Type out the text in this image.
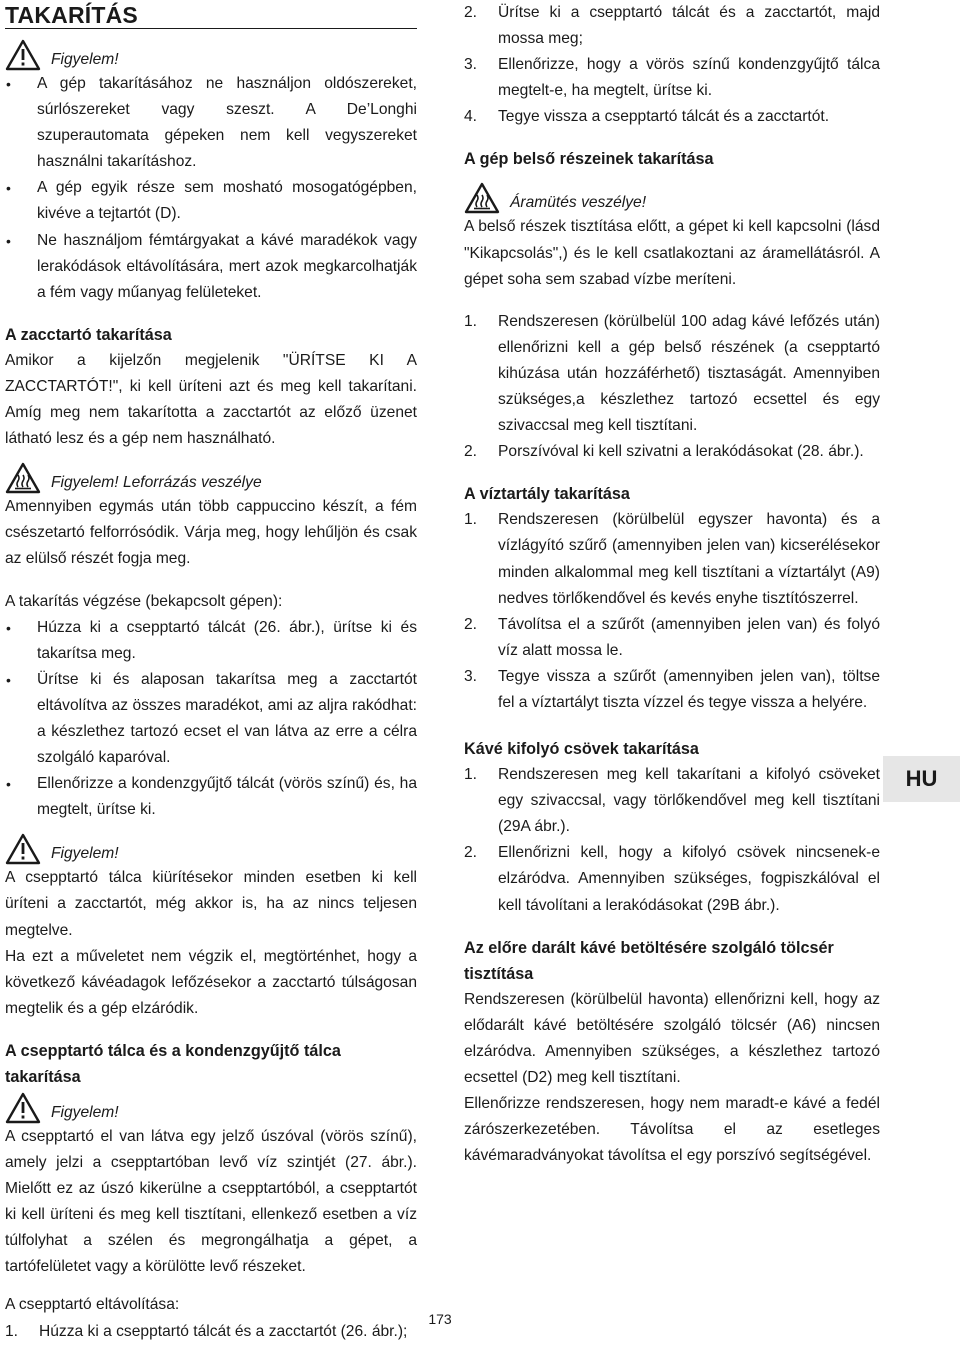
TAKARÍTÁS
Figyelem!
• A gép takarításához ne használjon oldószereket, súrlószereket vagy szeszt. A De’Longhi szuperautomata gépeken nem kell vegyszereket használni takarításhoz.
• A gép egyik része sem mosható mosogatógépben, kivéve a tejtartót (D).
• Ne használjom fémtárgyakat a kávé maradékok vagy lerakódások eltávolítására, mert azok megkarcolhatják a fém vagy műanyag felületeket.
A zacctartó takarítása

Amikor a kijelzőn megjelenik "ÜRÍTSE KI A ZACCTARTÓT!", ki kell üríteni azt és meg kell takarítani. Amíg meg nem takarította a zacctartót az előző üzenet látható lesz és a gép nem használható.

Figyelem! Leforrázás veszélye

Amennyiben egymás után több cappuccino készít, a fém csészetartó felforrósódik. Várja meg, hogy lehűljön és csak az elülső részét fogja meg.

A takarítás végzése (bekapcsolt gépen):

• Húzza ki a csepptartó tálcát (26. ábr.), ürítse ki és takarítsa meg.
• Ürítse ki és alaposan takarítsa meg a zacctartót eltávolítva az összes maradékot, ami az aljra rakódhat: a készlethez tartozó ecset el van látva az erre a célra szolgáló kaparóval.
• Ellenőrizze a kondenzgyűjtő tálcát (vörös színű) és, ha megtelt, ürítse ki.
Figyelem!

A csepptartó tálca kiürítésekor minden esetben ki kell üríteni a zacctartót, még akkor is, ha az nincs teljesen megtelve.

Ha ezt a műveletet nem végzik el, megtörténhet, hogy a következő kávéadagok lefőzésekor a zacctartó túlságosan megtelik és a gép elzáródik.

A csepptartó tálca és a kondenzgyűjtő tálca takarítása
Figyelem!

A csepptartó el van látva egy jelző úszóval (vörös színű), amely jelzi a csepptartóban levő víz szintjét (27. ábr.). Mielőtt ez az úszó kikerülne a csepptartóból, a csepptartót ki kell üríteni és meg kell tisztítani, ellenkező esetben a víz túlfolyhat a szélen és megrongálhatja a gépet, a tartófelületet vagy a körülötte levő részeket.

A csepptartó eltávolítása:

1. Húzza ki a csepptartó tálcát és a zacctartót (26. ábr.);
2. Ürítse ki a csepptartó tálcát és a zacctartót, majd mossa meg;
3. Ellenőrizze, hogy a vörös színű kondenzgyűjtő tálca megtelt-e, ha megtelt, ürítse ki.
4. Tegye vissza a csepptartó tálcát és a zacctartót.
A gép belső részeinek takarítása
Áramütés veszélye!

A belső részek tisztítása előtt, a gépet ki kell kapcsolni (lásd "Kikapcsolás",) és le kell csatlakoztani az áramellátásról. A gépet soha sem szabad vízbe meríteni.

1. Rendszeresen (körülbelül 100 adag kávé lefőzés után) ellenőrizni kell a gép belső részének (a csepptartó kihúzása után hozzáférhető) tisztaságát. Amennyiben szükséges,a készlethez tartozó ecsettel és egy szivaccsal meg kell tisztítani.
2. Porszívóval ki kell szivatni a lerakódásokat (28. ábr.).
A víztartály takarítása
1. Rendszeresen (körülbelül egyszer havonta) és a vízlágyító szűrő (amennyiben jelen van) kicserélésekor minden alkalommal meg kell tisztítani a víztartályt (A9) nedves törlőkendővel és kevés enyhe tisztítószerrel.
2. Távolítsa el a szűrőt (amennyiben jelen van) és folyó víz alatt mossa le.
3. Tegye vissza a szűrőt (amennyiben jelen van), töltse fel a víztartályt tiszta vízzel és tegye vissza a helyére.
Kávé kifolyó csövek takarítása
1. Rendszeresen meg kell takarítani a kifolyó csöveket egy szivaccsal, vagy törlőkendővel meg kell tisztítani (29A ábr.).
2. Ellenőrizni kell, hogy a kifolyó csövek nincsenek-e elzáródva. Amennyiben szükséges, fogpiszkálóval el kell távolítani a lerakódásokat (29B ábr.).
Az előre darált kávé betöltésére szolgáló tölcsér tisztítása

Rendszeresen (körülbelül havonta) ellenőrizni kell, hogy az elődarált kávé betöltésére szolgáló tölcsér (A6) nincsen elzáródva. Amennyiben szükséges, a készlethez tartozó ecsettel (D2) meg kell tisztítani.

Ellenőrizze rendszeresen, hogy nem maradt-e kávé a fedél zárószerkezetében. Távolítsa el az esetleges kávémaradványokat távolítsa el egy porszívó segítségével.

HU
173
